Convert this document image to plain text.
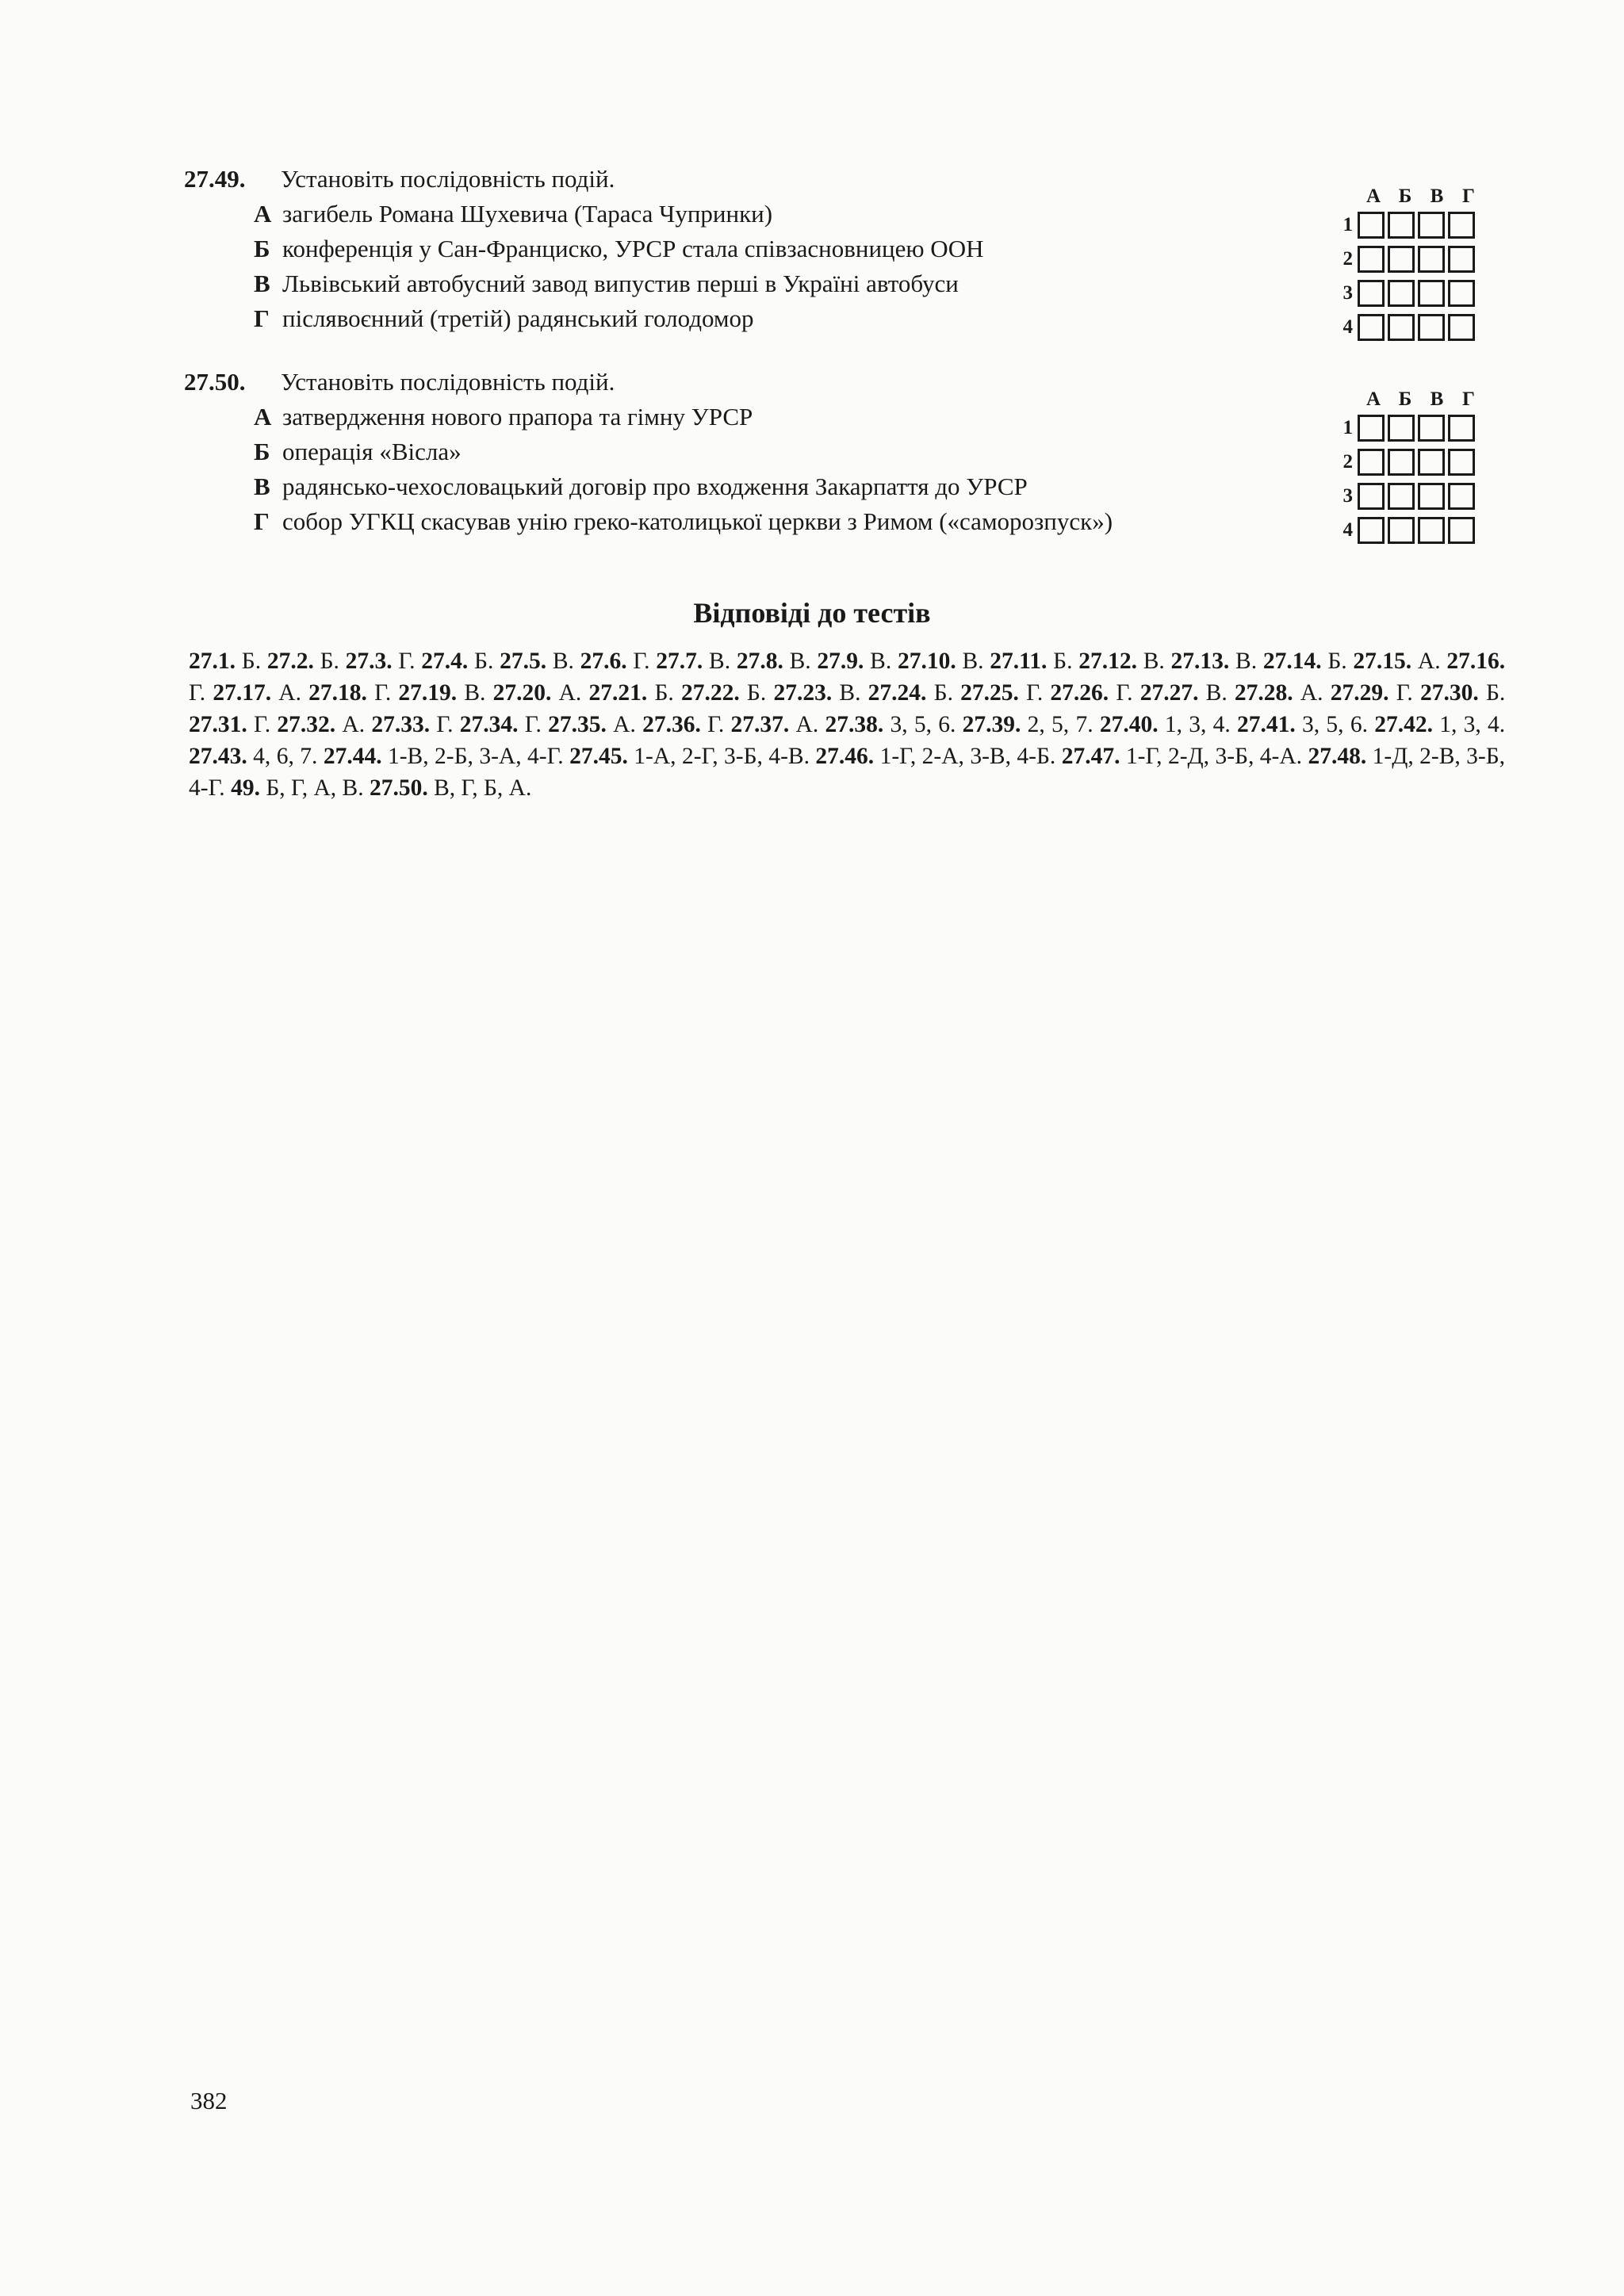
27.49. Установіть послідовність подій.
А загибель Романа Шухевича (Тараса Чупринки)
Б конференція у Сан-Франциско, УРСР стала співзасновницею ООН
В Львівський автобусний завод випустив перші в Україні автобуси
Г післявоєнний (третій) радянський голодомор
А Б В Г
1
2
3
4
27.50. Установіть послідовність подій.
А затвердження нового прапора та гімну УРСР
Б операція «Вісла»
В радянсько-чехословацький договір про входження Закарпаття до УРСР
Г собор УГКЦ скасував унію греко-католицької церкви з Римом («саморозпуск»)
А Б В Г
1
2
3
4
Відповіді до тестів
27.1. Б. 27.2. Б. 27.3. Г. 27.4. Б. 27.5. В. 27.6. Г. 27.7. В. 27.8. В. 27.9. В. 27.10. В. 27.11. Б. 27.12. В. 27.13. В. 27.14. Б. 27.15. А. 27.16. Г. 27.17. А. 27.18. Г. 27.19. В. 27.20. А. 27.21. Б. 27.22. Б. 27.23. В. 27.24. Б. 27.25. Г. 27.26. Г. 27.27. В. 27.28. А. 27.29. Г. 27.30. Б. 27.31. Г. 27.32. А. 27.33. Г. 27.34. Г. 27.35. А. 27.36. Г. 27.37. А. 27.38. 3, 5, 6. 27.39. 2, 5, 7. 27.40. 1, 3, 4. 27.41. 3, 5, 6. 27.42. 1, 3, 4. 27.43. 4, 6, 7. 27.44. 1-В, 2-Б, 3-А, 4-Г. 27.45. 1-А, 2-Г, 3-Б, 4-В. 27.46. 1-Г, 2-А, 3-В, 4-Б. 27.47. 1-Г, 2-Д, 3-Б, 4-А. 27.48. 1-Д, 2-В, 3-Б, 4-Г. 49. Б, Г, А, В. 27.50. В, Г, Б, А.
382
